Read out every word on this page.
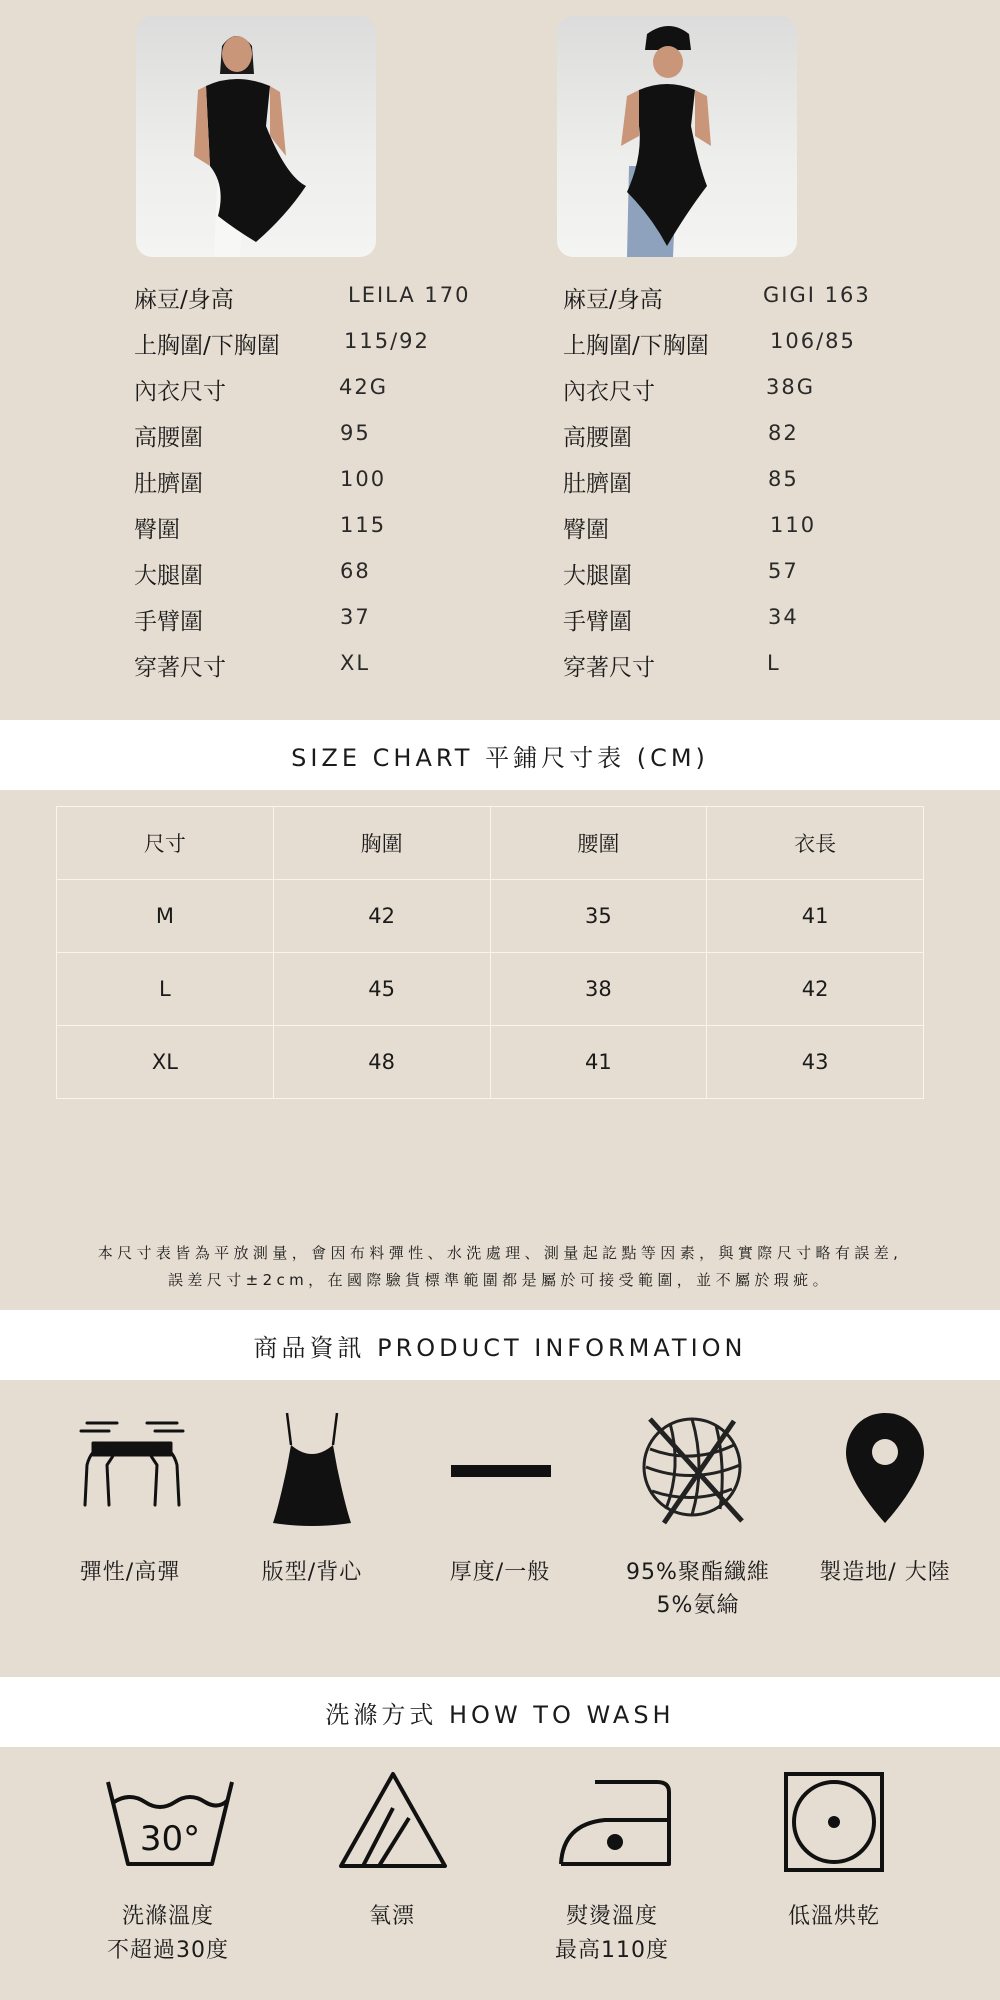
麻豆/身高	LEILA 170
上胸圍/下胸圍	115/92
內衣尺寸	42G
高腰圍	95
肚臍圍	100
臀圍	115
大腿圍	68
手臂圍	37
穿著尺寸	XL
麻豆/身高	GIGI 163
上胸圍/下胸圍	106/85
內衣尺寸	38G
高腰圍	82
肚臍圍	85
臀圍	110
大腿圍	57
手臂圍	34
穿著尺寸	L
SIZE CHART 平鋪尺寸表 (CM)
尺寸	胸圍	腰圍	衣長
M	42	35	41
L	45	38	42
XL	48	41	43
本尺寸表皆為平放測量，會因布料彈性、水洗處理、測量起訖點等因素，與實際尺寸略有誤差,
誤差尺寸±2cm，在國際驗貨標準範圍都是屬於可接受範圍，並不屬於瑕疵。
商品資訊 PRODUCT INFORMATION
彈性/高彈	版型/背心	厚度/一般	95%聚酯纖維
5%氨綸
製造地/ 大陸
洗滌方式 HOW TO WASH
30°
洗滌溫度
不超過30度
氧漂	熨燙溫度
最高110度
低溫烘乾
